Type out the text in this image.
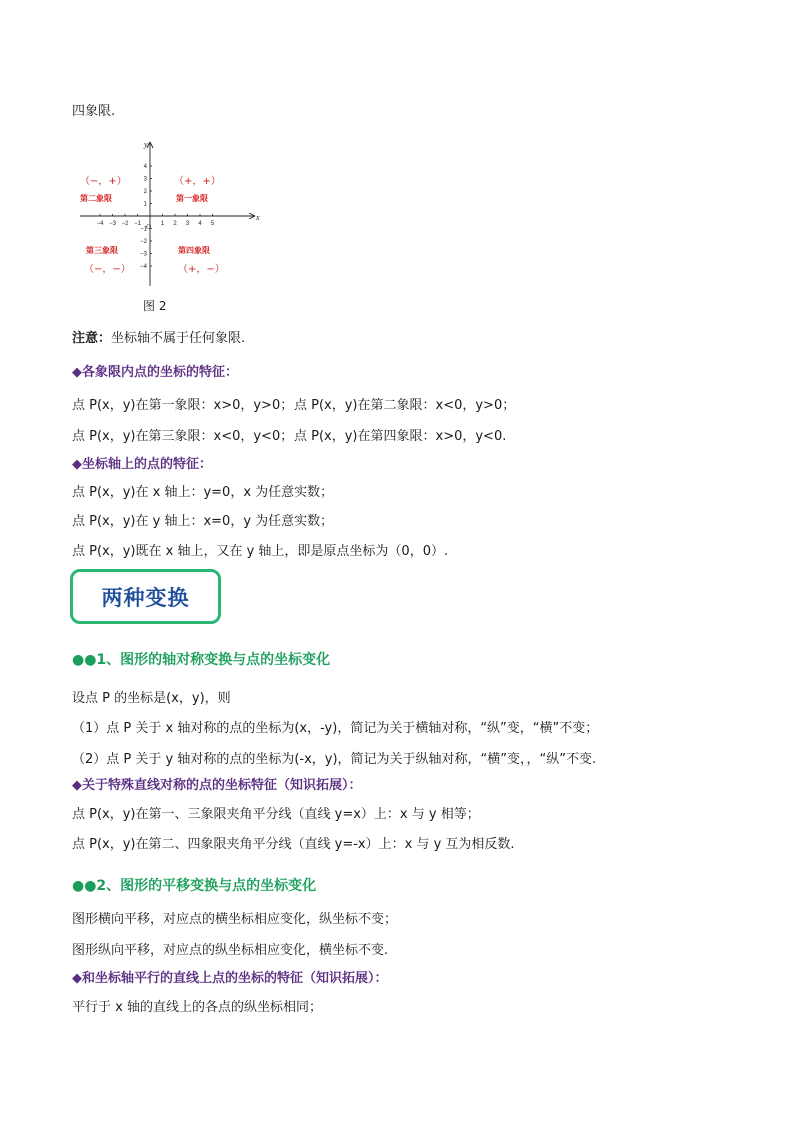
四象限.
−4 −3 −2 −1	1 2 3 4 5
4
3
2
1
−1
−2
−3
−4
x
y
O
（−，+）
第二象限
（+，+）
第一象限
第三象限
（−，−）
第四象限
（+，−）
图 2
注意：坐标轴不属于任何象限.
◆各象限内点的坐标的特征：
点 P(x，y)在第一象限：x>0，y>0； 点 P(x，y)在第二象限：x<0，y>0；
点 P(x，y)在第三象限：x<0，y<0； 点 P(x，y)在第四象限：x>0，y<0.
◆坐标轴上的点的特征：
点 P(x，y)在 x 轴上：y=0，x 为任意实数；
点 P(x，y)在 y 轴上：x=0，y 为任意实数；
点 P(x，y)既在 x 轴上，又在 y 轴上，即是原点坐标为（0，0）.
两种变换
●●1、图形的轴对称变换与点的坐标变化
设点 P 的坐标是(x，y)，则
（1）点 P 关于 x 轴对称的点的坐标为(x，-y)，简记为关于横轴对称，“纵”变，“横”不变；
（2）点 P 关于 y 轴对称的点的坐标为(-x，y)，简记为关于纵轴对称，“横”变，，“纵”不变.
◆关于特殊直线对称的点的坐标特征（知识拓展）：
点 P(x，y)在第一、三象限夹角平分线（直线 y=x）上：x 与 y 相等；
点 P(x，y)在第二、四象限夹角平分线（直线 y=-x）上：x 与 y 互为相反数.
●●2、图形的平移变换与点的坐标变化
图形横向平移，对应点的横坐标相应变化，纵坐标不变；
图形纵向平移，对应点的纵坐标相应变化，横坐标不变.
◆和坐标轴平行的直线上点的坐标的特征（知识拓展）：
平行于 x 轴的直线上的各点的纵坐标相同；
